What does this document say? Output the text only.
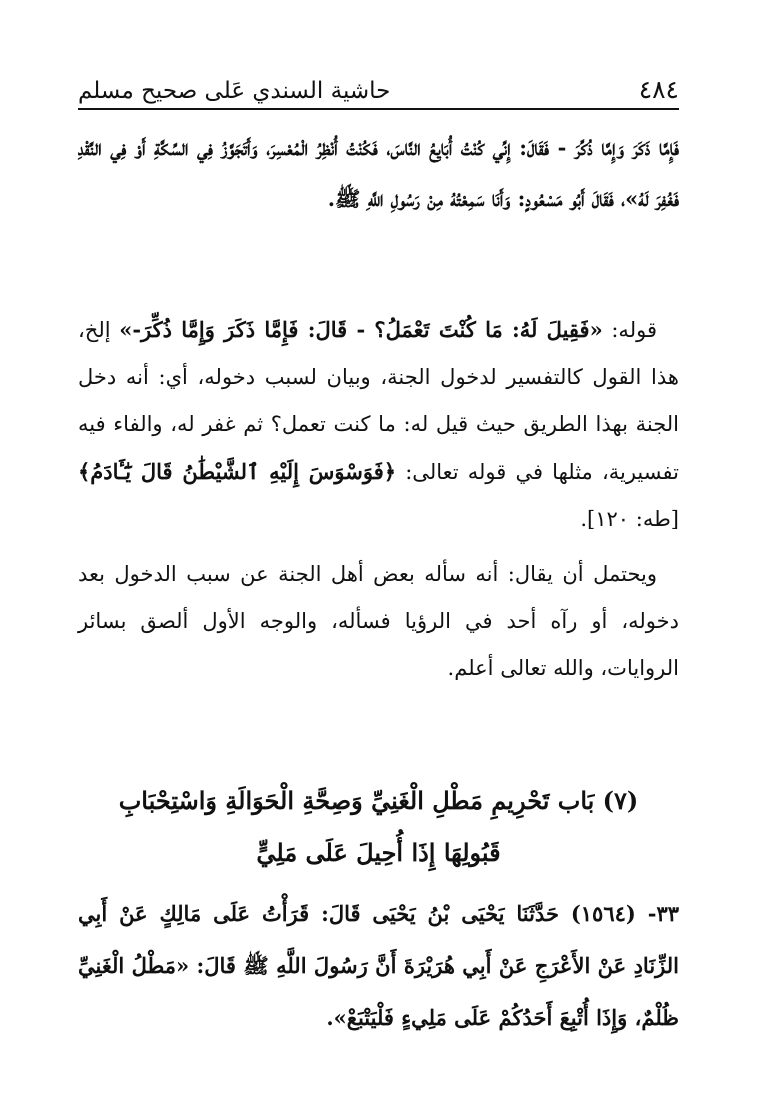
٤٨٤
حاشية السندي عَلى صحيح مسلم

فَإِمَّا ذَكَرَ وَإِمَّا ذُكِّرَ - فَقَالَ: إِنِّي كُنْتُ أُبَايِعُ النَّاسَ، فَكُنْتُ أُنْظِرُ الْمُعْسِرَ، وَأَتَجَوَّزُ فِي السِّكَّةِ أَوْ فِي النَّقْدِ فَغُفِرَ لَهُ»، فَقَالَ أَبُو مَسْعُودٍ: وَأَنَا سَمِعْتُهُ مِنْ رَسُولِ اللَّهِ ﷺ.

قوله: «فَقِيلَ لَهُ: مَا كُنْتَ تَعْمَلُ؟ - قَالَ: فَإِمَّا ذَكَرَ وَإِمَّا ذُكِّرَ-» إلخ، هذا القول كالتفسير لدخول الجنة، وبيان لسبب دخوله، أي: أنه دخل الجنة بهذا الطريق حيث قيل له: ما كنت تعمل؟ ثم غفر له، والفاء فيه تفسيرية، مثلها في قوله تعالى: ﴿فَوَسْوَسَ إِلَيْهِ ٱلشَّيْطَٰنُ قَالَ يَٰٓـَٔادَمُ﴾ [طه: ١٢٠].

ويحتمل أن يقال: أنه سأله بعض أهل الجنة عن سبب الدخول بعد دخوله، أو رآه أحد في الرؤيا فسأله، والوجه الأول ألصق بسائر الروايات، والله تعالى أعلم.

(٧) بَاب تَحْرِيمِ مَطْلِ الْغَنِيِّ وَصِحَّةِ الْحَوَالَةِ وَاسْتِحْبَابِ
قَبُولِهَا إِذَا أُحِيلَ عَلَى مَلِيٍّ

٣٣- (١٥٦٤) حَدَّثَنَا يَحْيَى بْنُ يَحْيَى قَالَ: قَرَأْتُ عَلَى مَالِكٍ عَنْ أَبِي الزِّنَادِ عَنْ الأَعْرَجِ عَنْ أَبِي هُرَيْرَةَ أَنَّ رَسُولَ اللَّهِ ﷺ قَالَ: «مَطْلُ الْغَنِيِّ ظُلْمٌ، وَإِذَا أُتْبِعَ أَحَدُكُمْ عَلَى مَلِيءٍ فَلْيَتْبَعْ».
